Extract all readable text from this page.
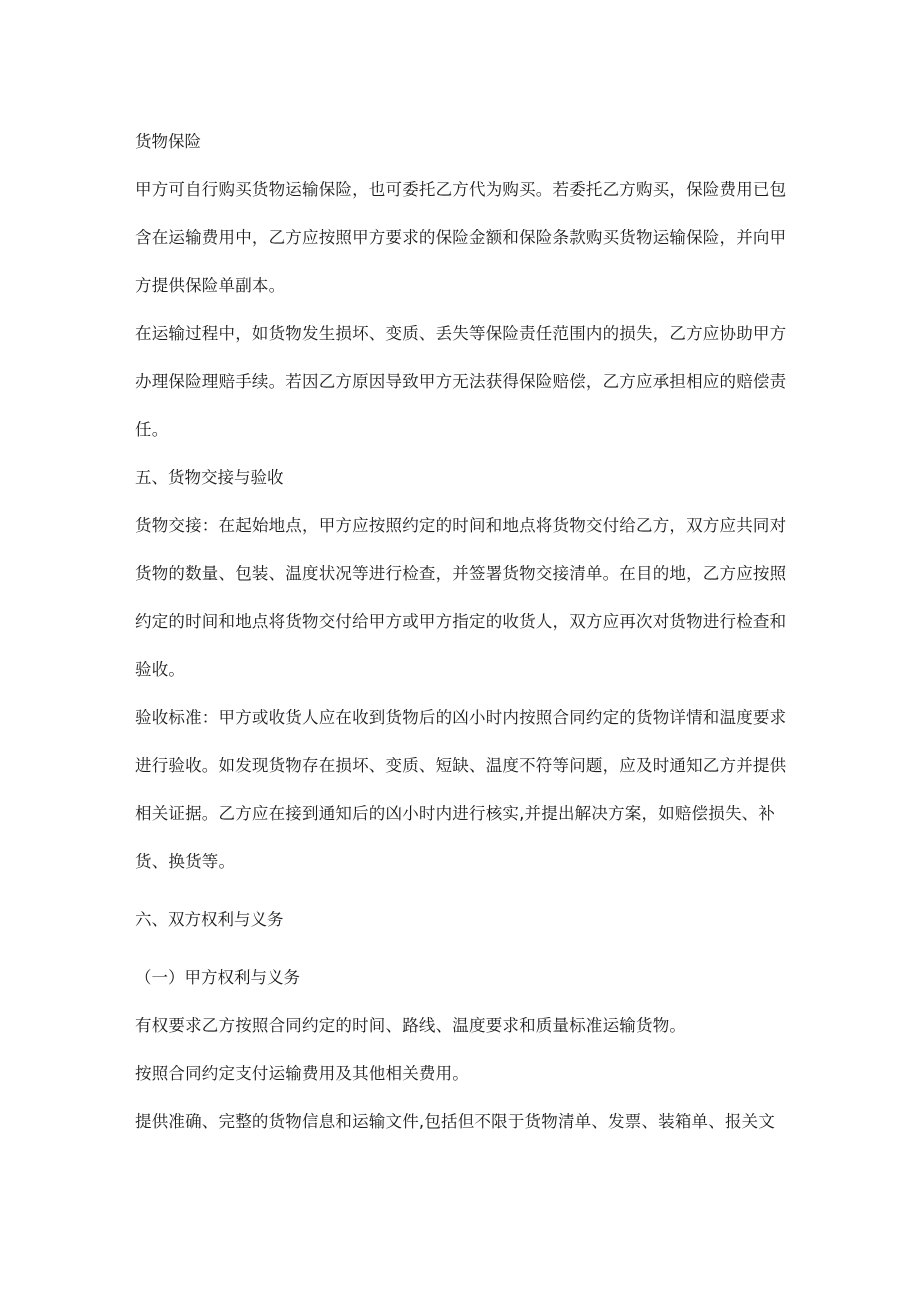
货物保险

甲方可自行购买货物运输保险，也可委托乙方代为购买。若委托乙方购买，保险费用已包含在运输费用中，乙方应按照甲方要求的保险金额和保险条款购买货物运输保险，并向甲方提供保险单副本。

在运输过程中，如货物发生损坏、变质、丢失等保险责任范围内的损失，乙方应协助甲方办理保险理赔手续。若因乙方原因导致甲方无法获得保险赔偿，乙方应承担相应的赔偿责任。

五、货物交接与验收

货物交接：在起始地点，甲方应按照约定的时间和地点将货物交付给乙方，双方应共同对货物的数量、包装、温度状况等进行检查，并签署货物交接清单。在目的地，乙方应按照约定的时间和地点将货物交付给甲方或甲方指定的收货人，双方应再次对货物进行检查和验收。

验收标准：甲方或收货人应在收到货物后的凶小时内按照合同约定的货物详情和温度要求进行验收。如发现货物存在损坏、变质、短缺、温度不符等问题，应及时通知乙方并提供相关证据。乙方应在接到通知后的凶小时内进行核实,并提出解决方案，如赔偿损失、补货、换货等。

六、双方权利与义务

（一）甲方权利与义务

有权要求乙方按照合同约定的时间、路线、温度要求和质量标准运输货物。

按照合同约定支付运输费用及其他相关费用。

提供准确、完整的货物信息和运输文件,包括但不限于货物清单、发票、装箱单、报关文
